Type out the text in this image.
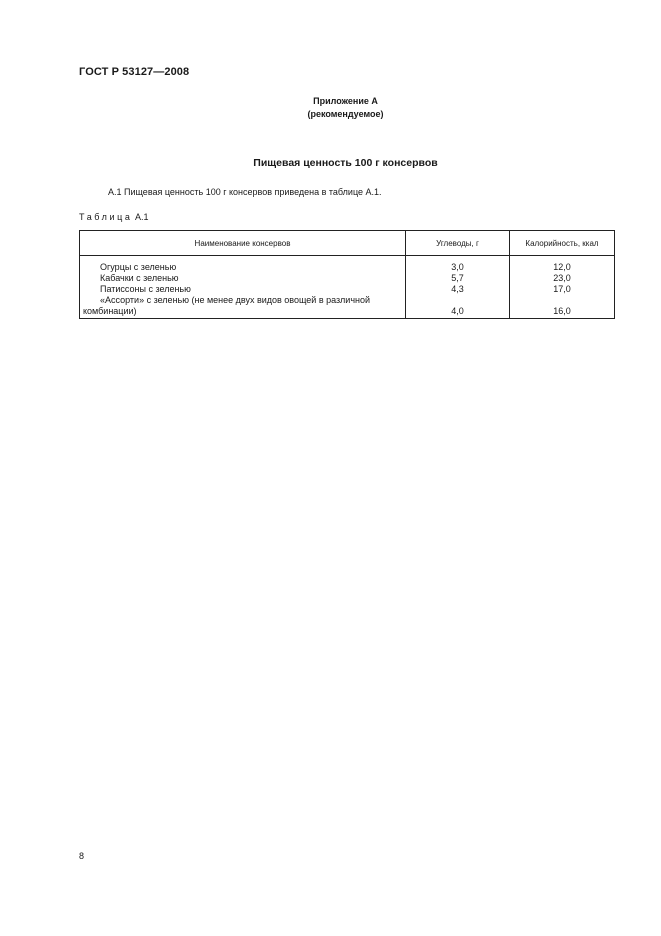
ГОСТ Р 53127—2008
Приложение А
(рекомендуемое)
Пищевая ценность 100 г консервов
А.1 Пищевая ценность 100 г консервов приведена в таблице А.1.
Таблица А.1
Наименование консервов	Углеводы, г	Калорийность, ккал
Огурцы с зеленью	3,0	12,0
Кабачки с зеленью	5,7	23,0
Патиссоны с зеленью	4,3	17,0

«Ассорти» с зеленью (не менее двух видов овощей в различной
комбинации)	4,0	16,0
8
